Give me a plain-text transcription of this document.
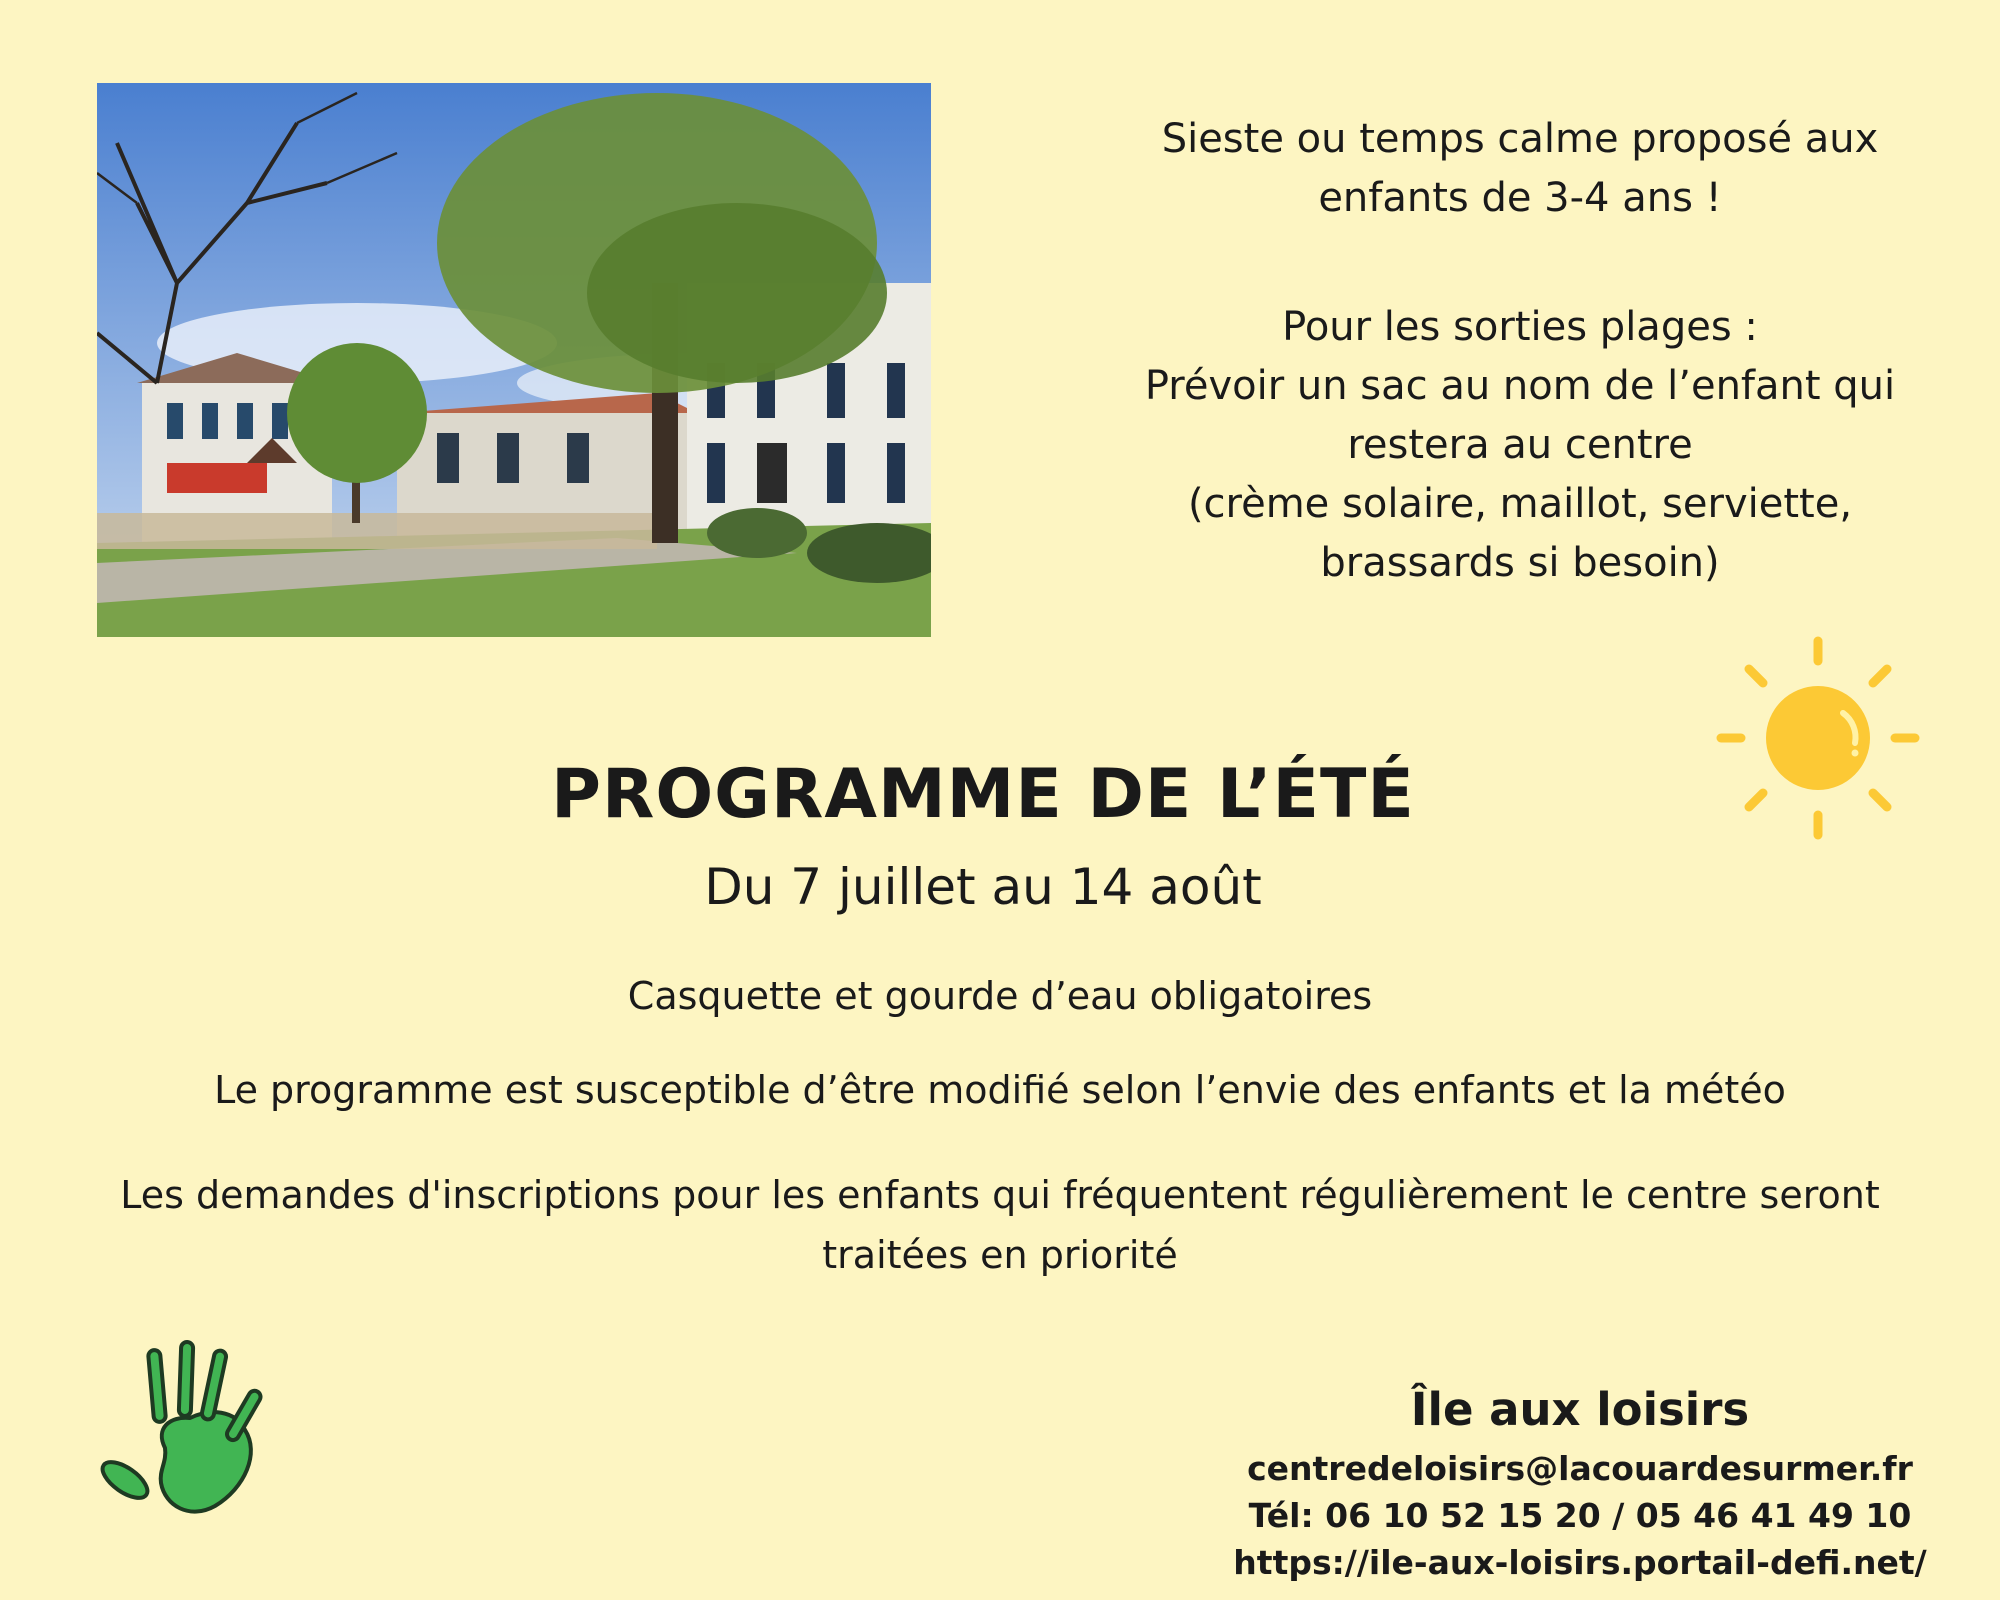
Sieste ou temps calme proposé aux
enfants de 3-4 ans !

Pour les sorties plages :
Prévoir un sac au nom de l’enfant qui
restera au centre
(crème solaire, maillot, serviette,
brassards si besoin)

PROGRAMME DE L’ÉTÉ
Du 7 juillet au 14 août
Casquette et gourde d’eau obligatoires
Le programme est susceptible d’être modifié selon l’envie des enfants et la météo
Les demandes d'inscriptions pour les enfants qui fréquentent régulièrement le centre seront
traitées en priorité
Île aux loisirs
centredeloisirs@lacouardesurmer.fr
Tél: 06 10 52 15 20 / 05 46 41 49 10
https://ile-aux-loisirs.portail-defi.net/
